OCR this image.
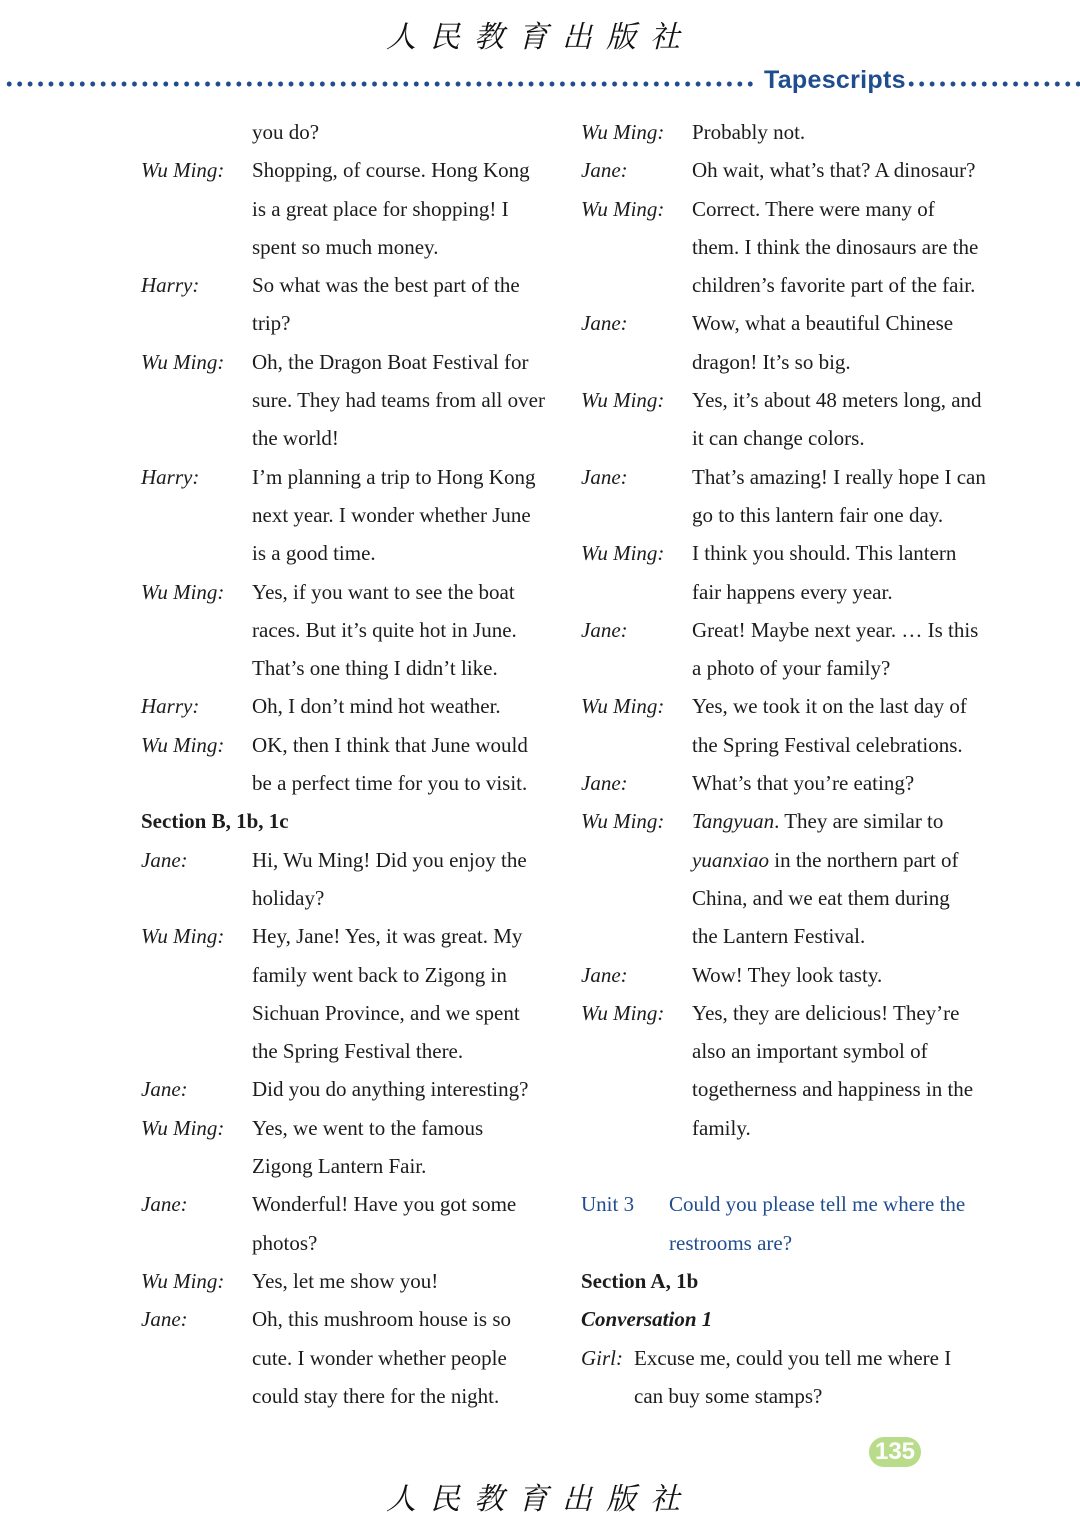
人民教育出版社
Tapescripts
you do?
Wu Ming:	Shopping, of course. Hong Kong
is a great place for shopping! I
spent so much money.
Harry:	So what was the best part of the
trip?
Wu Ming:	Oh, the Dragon Boat Festival for
sure. They had teams from all over
the world!
Harry:	I’m planning a trip to Hong Kong
next year. I wonder whether June
is a good time.
Wu Ming:	Yes, if you want to see the boat
races. But it’s quite hot in June.
That’s one thing I didn’t like.
Harry:	Oh, I don’t mind hot weather.
Wu Ming:	OK, then I think that June would
be a perfect time for you to visit.
Section B, 1b, 1c
Jane:	Hi, Wu Ming! Did you enjoy the
holiday?
Wu Ming:	Hey, Jane! Yes, it was great. My
family went back to Zigong in
Sichuan Province, and we spent
the Spring Festival there.
Jane:	Did you do anything interesting?
Wu Ming:	Yes, we went to the famous
Zigong Lantern Fair.
Jane:	Wonderful! Have you got some
photos?
Wu Ming:	Yes, let me show you!
Jane:	Oh, this mushroom house is so
cute. I wonder whether people
could stay there for the night.
Wu Ming:	Probably not.
Jane:	Oh wait, what’s that? A dinosaur?
Wu Ming:	Correct. There were many of
them. I think the dinosaurs are the
children’s favorite part of the fair.
Jane:	Wow, what a beautiful Chinese
dragon! It’s so big.
Wu Ming:	Yes, it’s about 48 meters long, and
it can change colors.
Jane:	That’s amazing! I really hope I can
go to this lantern fair one day.
Wu Ming:	I think you should. This lantern
fair happens every year.
Jane:	Great! Maybe next year. … Is this
a photo of your family?
Wu Ming:	Yes, we took it on the last day of
the Spring Festival celebrations.
Jane:	What’s that you’re eating?
Wu Ming:	Tangyuan. They are similar to
yuanxiao in the northern part of
China, and we eat them during
the Lantern Festival.
Jane:	Wow! They look tasty.
Wu Ming:	Yes, they are delicious! They’re
also an important symbol of
togetherness and happiness in the
family.
Unit 3	Could you please tell me where the
restrooms are?
Section A, 1b
Conversation 1
Girl: Excuse me, could you tell me where I
can buy some stamps?
135
人民教育出版社
